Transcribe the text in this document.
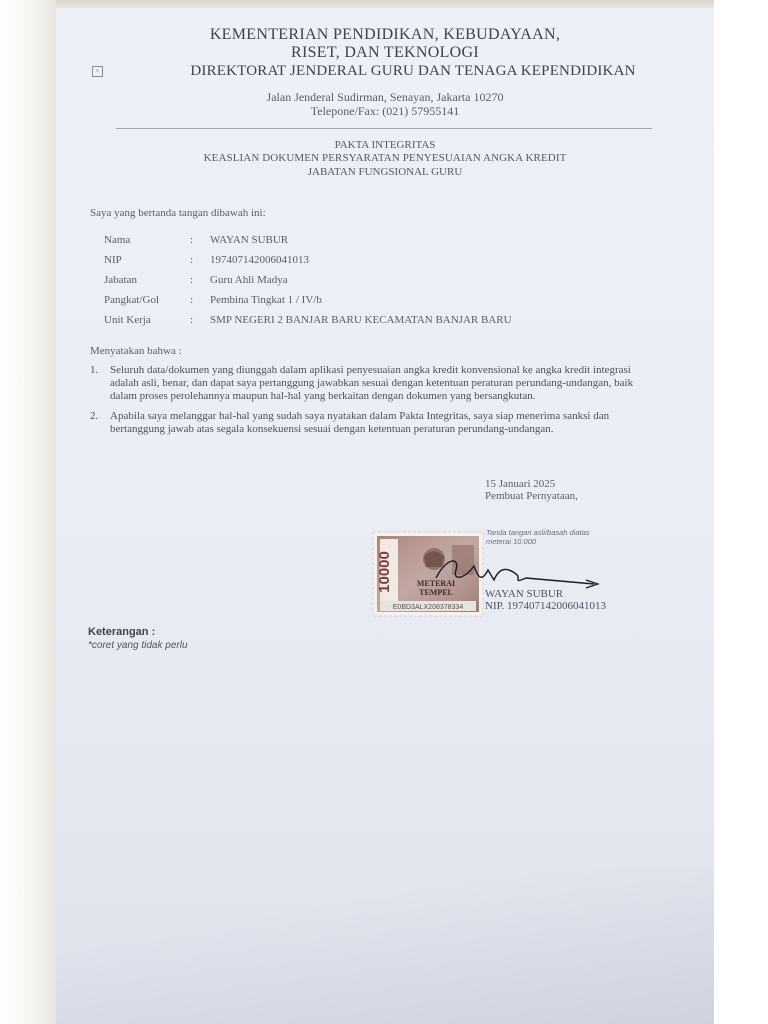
×
KEMENTERIAN PENDIDIKAN, KEBUDAYAAN,
RISET, DAN TEKNOLOGI
DIREKTORAT JENDERAL GURU DAN TENAGA KEPENDIDIKAN
Jalan Jenderal Sudirman, Senayan, Jakarta 10270
Telepone/Fax: (021) 57955141
PAKTA INTEGRITAS
KEASLIAN DOKUMEN PERSYARATAN PENYESUAIAN ANGKA KREDIT
JABATAN FUNGSIONAL GURU
Saya yang bertanda tangan dibawah ini:
Nama	:	WAYAN SUBUR
NIP	:	197407142006041013
Jabatan	:	Guru Ahli Madya
Pangkat/Gol	:	Pembina Tingkat 1 / IV/b
Unit Kerja	:	SMP NEGERI 2 BANJAR BARU KECAMATAN BANJAR BARU
Menyatakan bahwa :
1.	Seluruh data/dokumen yang diunggah dalam aplikasi penyesuaian angka kredit konvensional ke angka kredit integrasi adalah asli, benar, dan dapat saya pertanggung jawabkan sesuai dengan ketentuan peraturan perundang-undangan, baik dalam proses perolehannya maupun hal-hal yang berkaitan dengan dokumen yang bersangkutan.
2.	Apabila saya melanggar hal-hal yang sudah saya nyatakan dalam Pakta Integritas, saya siap menerima sanksi dan bertanggung jawab atas segala konsekuensi sesuai dengan ketentuan peraturan perundang-undangan.
15 Januari 2025
Pembuat Pernyataan,
Tanda tangan asli/basah diatas meterai 10.000
10000	METERAI
TEMPEL
E0BD3ALX208378334
WAYAN SUBUR
NIP. 197407142006041013
Keterangan :
*coret yang tidak perlu
